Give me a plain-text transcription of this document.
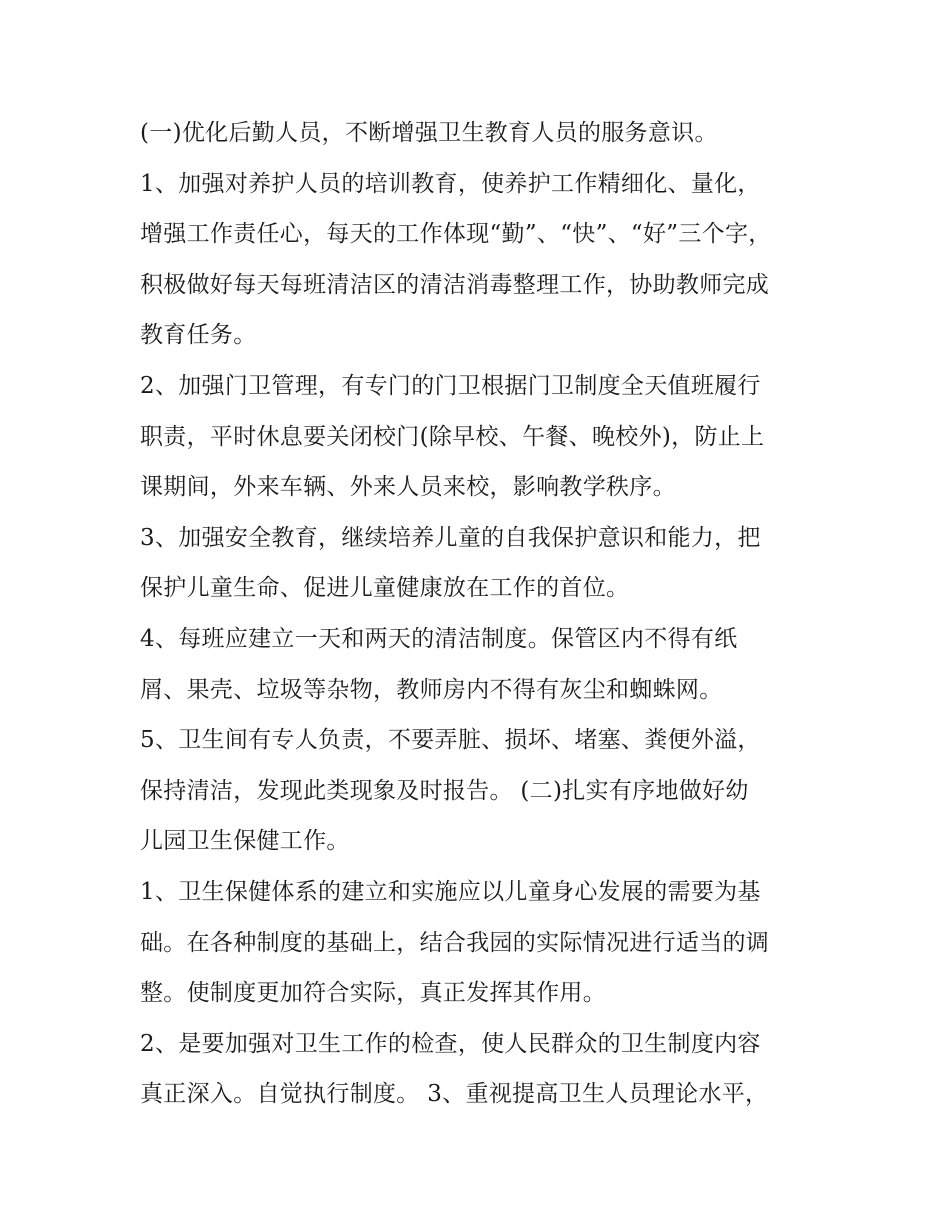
(一)优化后勤人员，不断增强卫生教育人员的服务意识。
1、加强对养护人员的培训教育，使养护工作精细化、量化，
增强工作责任心，每天的工作体现“勤”、“快”、“好”三个字，
积极做好每天每班清洁区的清洁消毒整理工作，协助教师完成
教育任务。
2、加强门卫管理，有专门的门卫根据门卫制度全天值班履行
职责，平时休息要关闭校门(除早校、午餐、晚校外)，防止上
课期间，外来车辆、外来人员来校，影响教学秩序。
3、加强安全教育，继续培养儿童的自我保护意识和能力，把
保护儿童生命、促进儿童健康放在工作的首位。
4、每班应建立一天和两天的清洁制度。保管区内不得有纸
屑、果壳、垃圾等杂物，教师房内不得有灰尘和蜘蛛网。
5、卫生间有专人负责，不要弄脏、损坏、堵塞、粪便外溢，
保持清洁，发现此类现象及时报告。 (二)扎实有序地做好幼
儿园卫生保健工作。
1、卫生保健体系的建立和实施应以儿童身心发展的需要为基
础。在各种制度的基础上，结合我园的实际情况进行适当的调
整。使制度更加符合实际，真正发挥其作用。
2、是要加强对卫生工作的检查，使人民群众的卫生制度内容
真正深入。自觉执行制度。 3、重视提高卫生人员理论水平，
